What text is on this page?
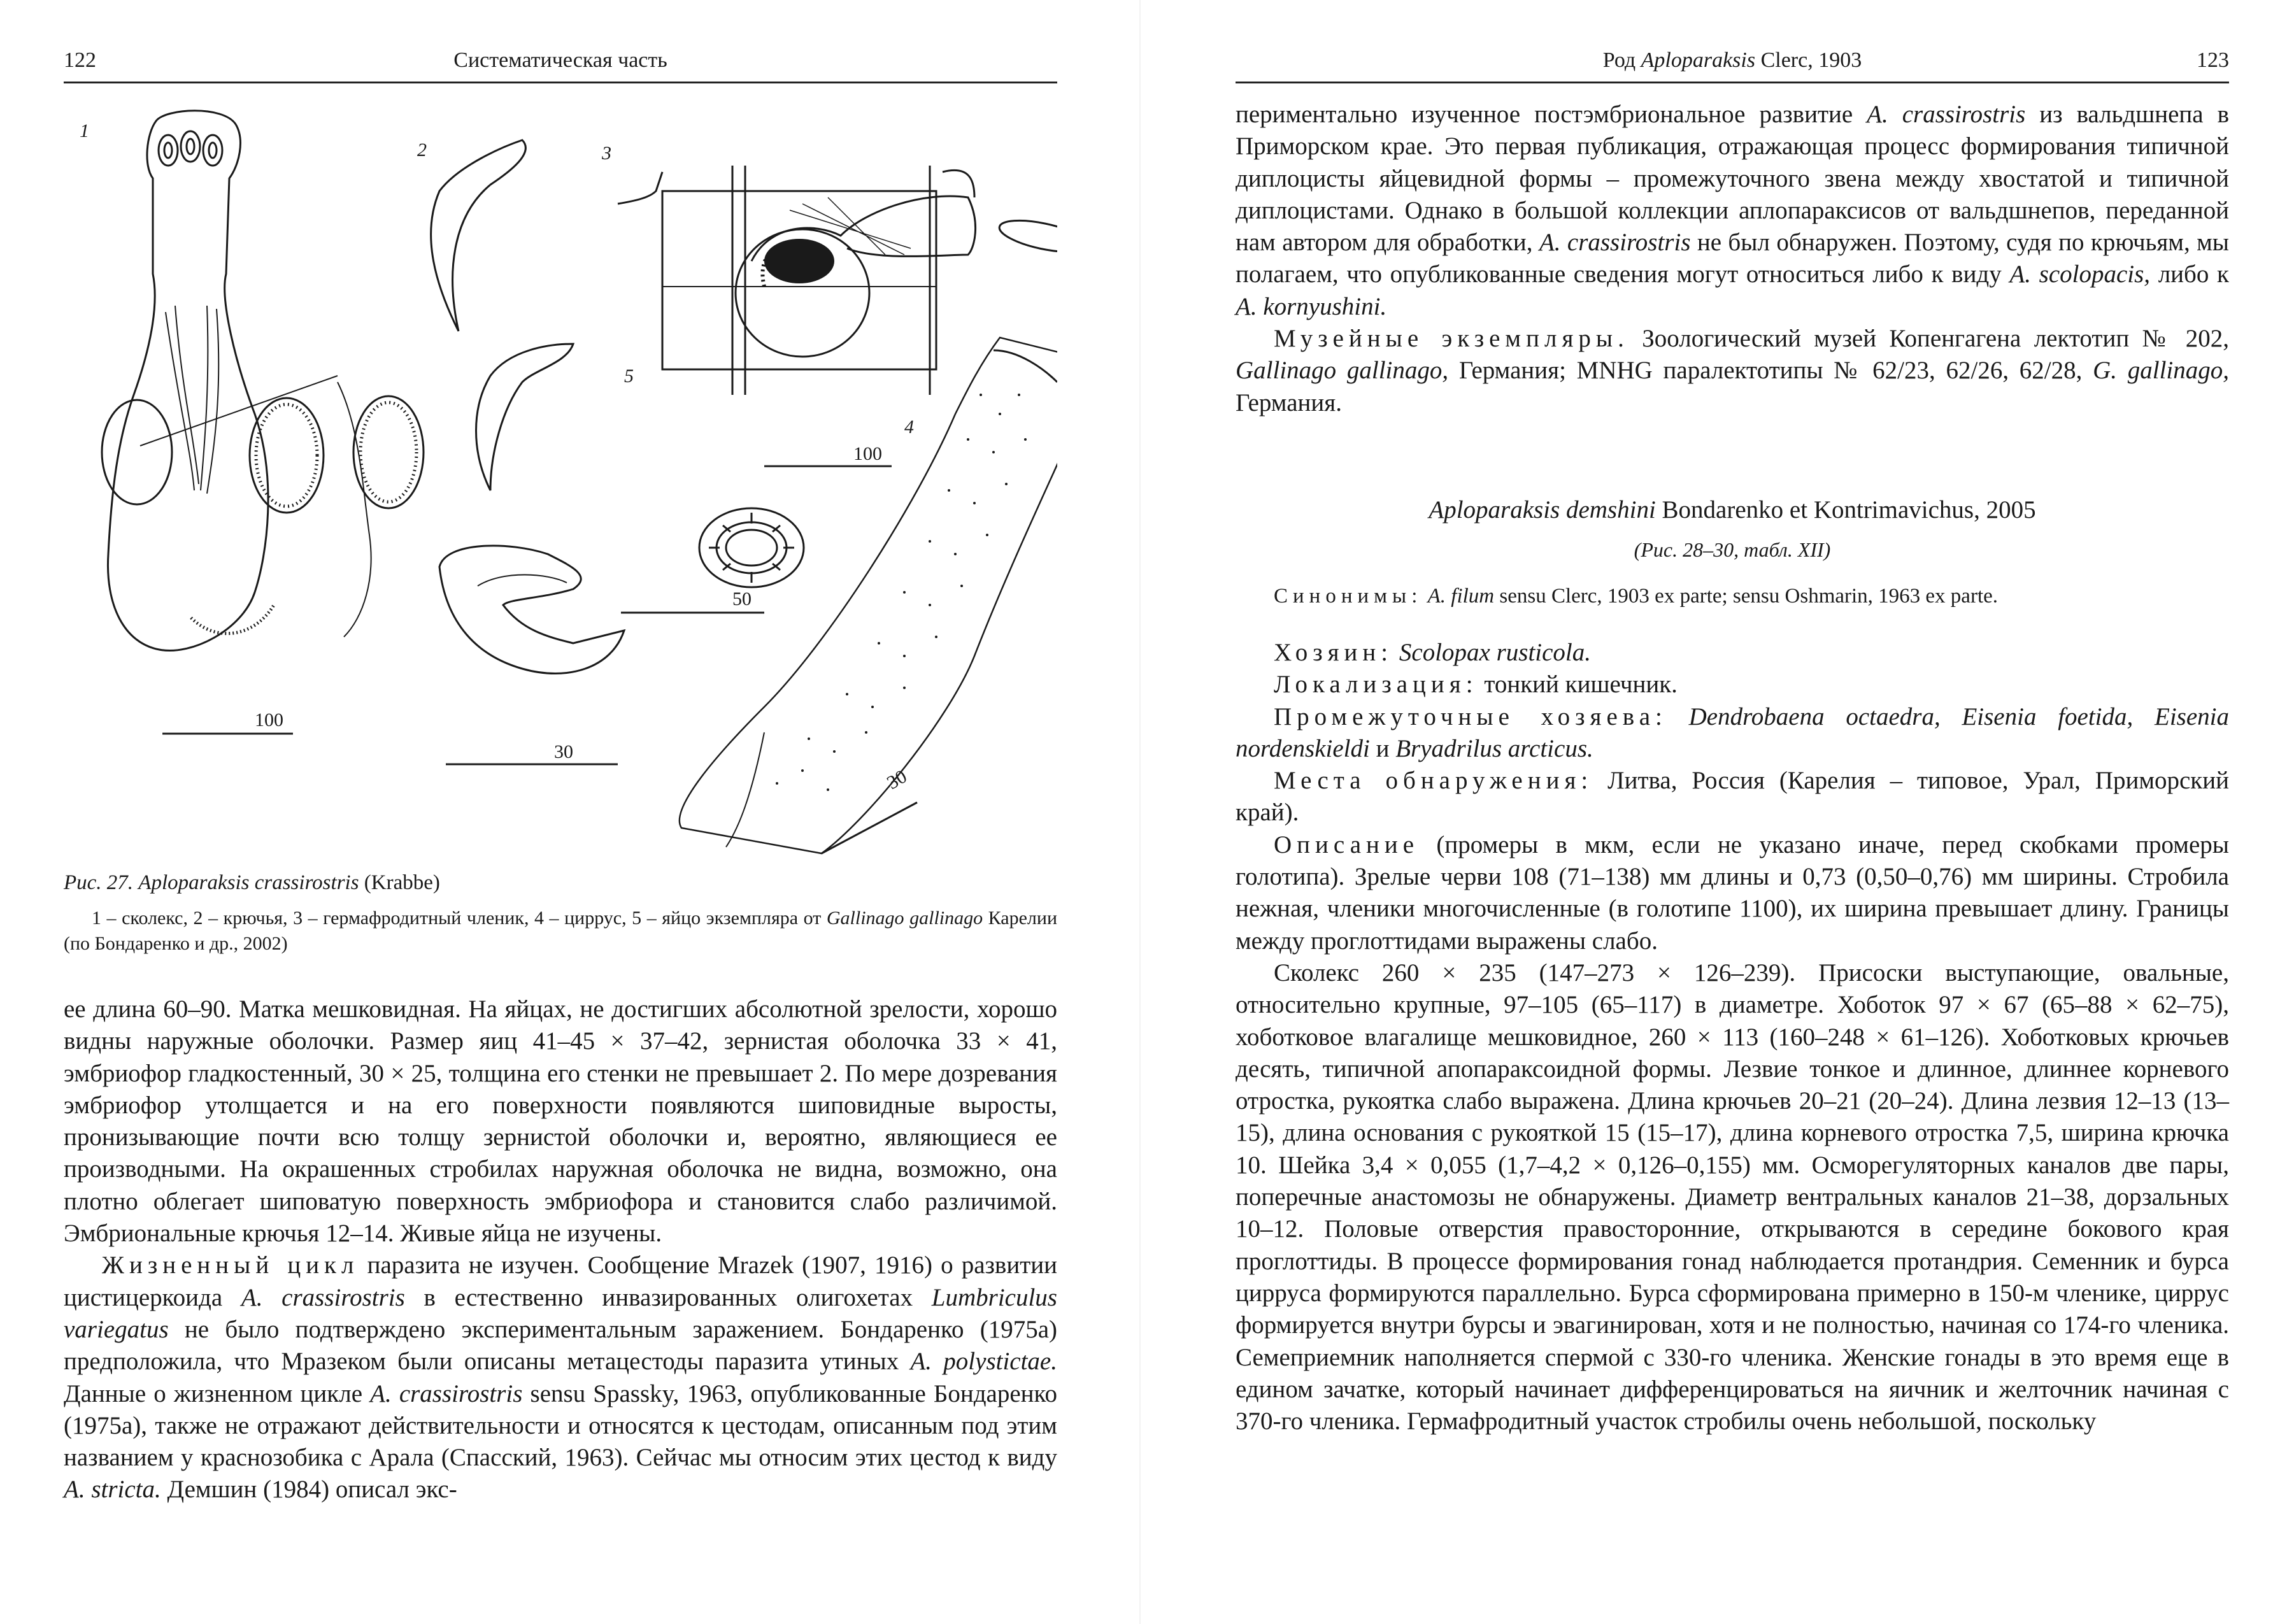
122	Систематическая часть
1
2	3
4
5
100
30
100
50
30
Рис. 27. Aploparaksis crassirostris (Krabbe)
1 – сколекс, 2 – крючья, 3 – гермафродитный членик, 4 – циррус, 5 – яйцо экземпляра от Gallinago gallinago Карелии (по Бондаренко и др., 2002)

ее длина 60–90. Матка мешковидная. На яйцах, не достигших абсолютной зрелости, хорошо видны наружные оболочки. Размер яиц 41–45 × 37–42, зернистая оболочка 33 × 41, эмбриофор гладкостенный, 30 × 25, толщина его стенки не превышает 2. По мере дозревания эмбриофор утолщается и на его поверхности появляются шиповидные выросты, пронизывающие почти всю толщу зернистой оболочки и, вероятно, являющиеся ее производными. На окрашенных стробилах наружная оболочка не видна, возможно, она плотно облегает шиповатую поверхность эмбриофора и становится слабо различимой. Эмбриональные крючья 12–14. Живые яйца не изучены.

Жизненный цикл паразита не изучен. Сообщение Mrazek (1907, 1916) о развитии цистицеркоида A. crassirostris в естественно инвазированных олигохетах Lumbriculus variegatus не было подтверждено экспериментальным заражением. Бондаренко (1975а) предположила, что Мразеком были описаны метацестоды паразита утиных A. polystictae. Данные о жизненном цикле A. crassirostris sensu Spassky, 1963, опубликованные Бондаренко (1975а), также не отражают действительности и относятся к цестодам, описанным под этим названием у краснозобика с Арала (Спасский, 1963). Сейчас мы относим этих цестод к виду A. stricta. Демшин (1984) описал экс-

Род Aploparaksis Clerc, 1903	123

периментально изученное постэмбриональное развитие A. crassirostris из вальдшнепа в Приморском крае. Это первая публикация, отражающая процесс формирования типичной диплоцисты яйцевидной формы – промежуточного звена между хвостатой и типичной диплоцистами. Однако в большой коллекции аплопараксисов от вальдшнепов, переданной нам автором для обработки, A. crassirostris не был обнаружен. Поэтому, судя по крючьям, мы полагаем, что опубликованные сведения могут относиться либо к виду A. scolopacis, либо к A. kornyushini.

Музейные экземпляры. Зоологический музей Копенгагена лектотип № 202, Gallinago gallinago, Германия; MNHG паралектотипы № 62/23, 62/26, 62/28, G. gallinago, Германия.

Aploparaksis demshini Bondarenko et Kontrimavichus, 2005
(Рис. 28–30, табл. XII)
Синонимы: A. filum sensu Clerc, 1903 ex parte; sensu Oshmarin, 1963 ex parte.

Хозяин: Scolopax rusticola.

Локализация: тонкий кишечник.

Промежуточные хозяева: Dendrobaena octaedra, Eisenia foetida, Eisenia nordenskieldi и Bryadrilus arcticus.

Места обнаружения: Литва, Россия (Карелия – типовое, Урал, Приморский край).

Описание (промеры в мкм, если не указано иначе, перед скобками промеры голотипа). Зрелые черви 108 (71–138) мм длины и 0,73 (0,50–0,76) мм ширины. Стробила нежная, членики многочисленные (в голотипе 1100), их ширина превышает длину. Границы между проглоттидами выражены слабо.

Сколекс 260 × 235 (147–273 × 126–239). Присоски выступающие, овальные, относительно крупные, 97–105 (65–117) в диаметре. Хоботок 97 × 67 (65–88 × 62–75), хоботковое влагалище мешковидное, 260 × 113 (160–248 × 61–126). Хоботковых крючьев десять, типичной апопараксоидной формы. Лезвие тонкое и длинное, длиннее корневого отростка, рукоятка слабо выражена. Длина крючьев 20–21 (20–24). Длина лезвия 12–13 (13–15), длина основания с рукояткой 15 (15–17), длина корневого отростка 7,5, ширина крючка 10. Шейка 3,4 × 0,055 (1,7–4,2 × 0,126–0,155) мм. Осморегуляторных каналов две пары, поперечные анастомозы не обнаружены. Диаметр вентральных каналов 21–38, дорзальных 10–12. Половые отверстия правосторонние, открываются в середине бокового края проглоттиды. В процессе формирования гонад наблюдается протандрия. Семенник и бурса цирруса формируются параллельно. Бурса сформирована примерно в 150-м членике, циррус формируется внутри бурсы и эвагинирован, хотя и не полностью, начиная со 174-го членика. Семеприемник наполняется спермой с 330-го членика. Женские гонады в это время еще в едином зачатке, который начинает дифференцироваться на яичник и желточник начиная с 370-го членика. Гермафродитный участок стробилы очень небольшой, поскольку
